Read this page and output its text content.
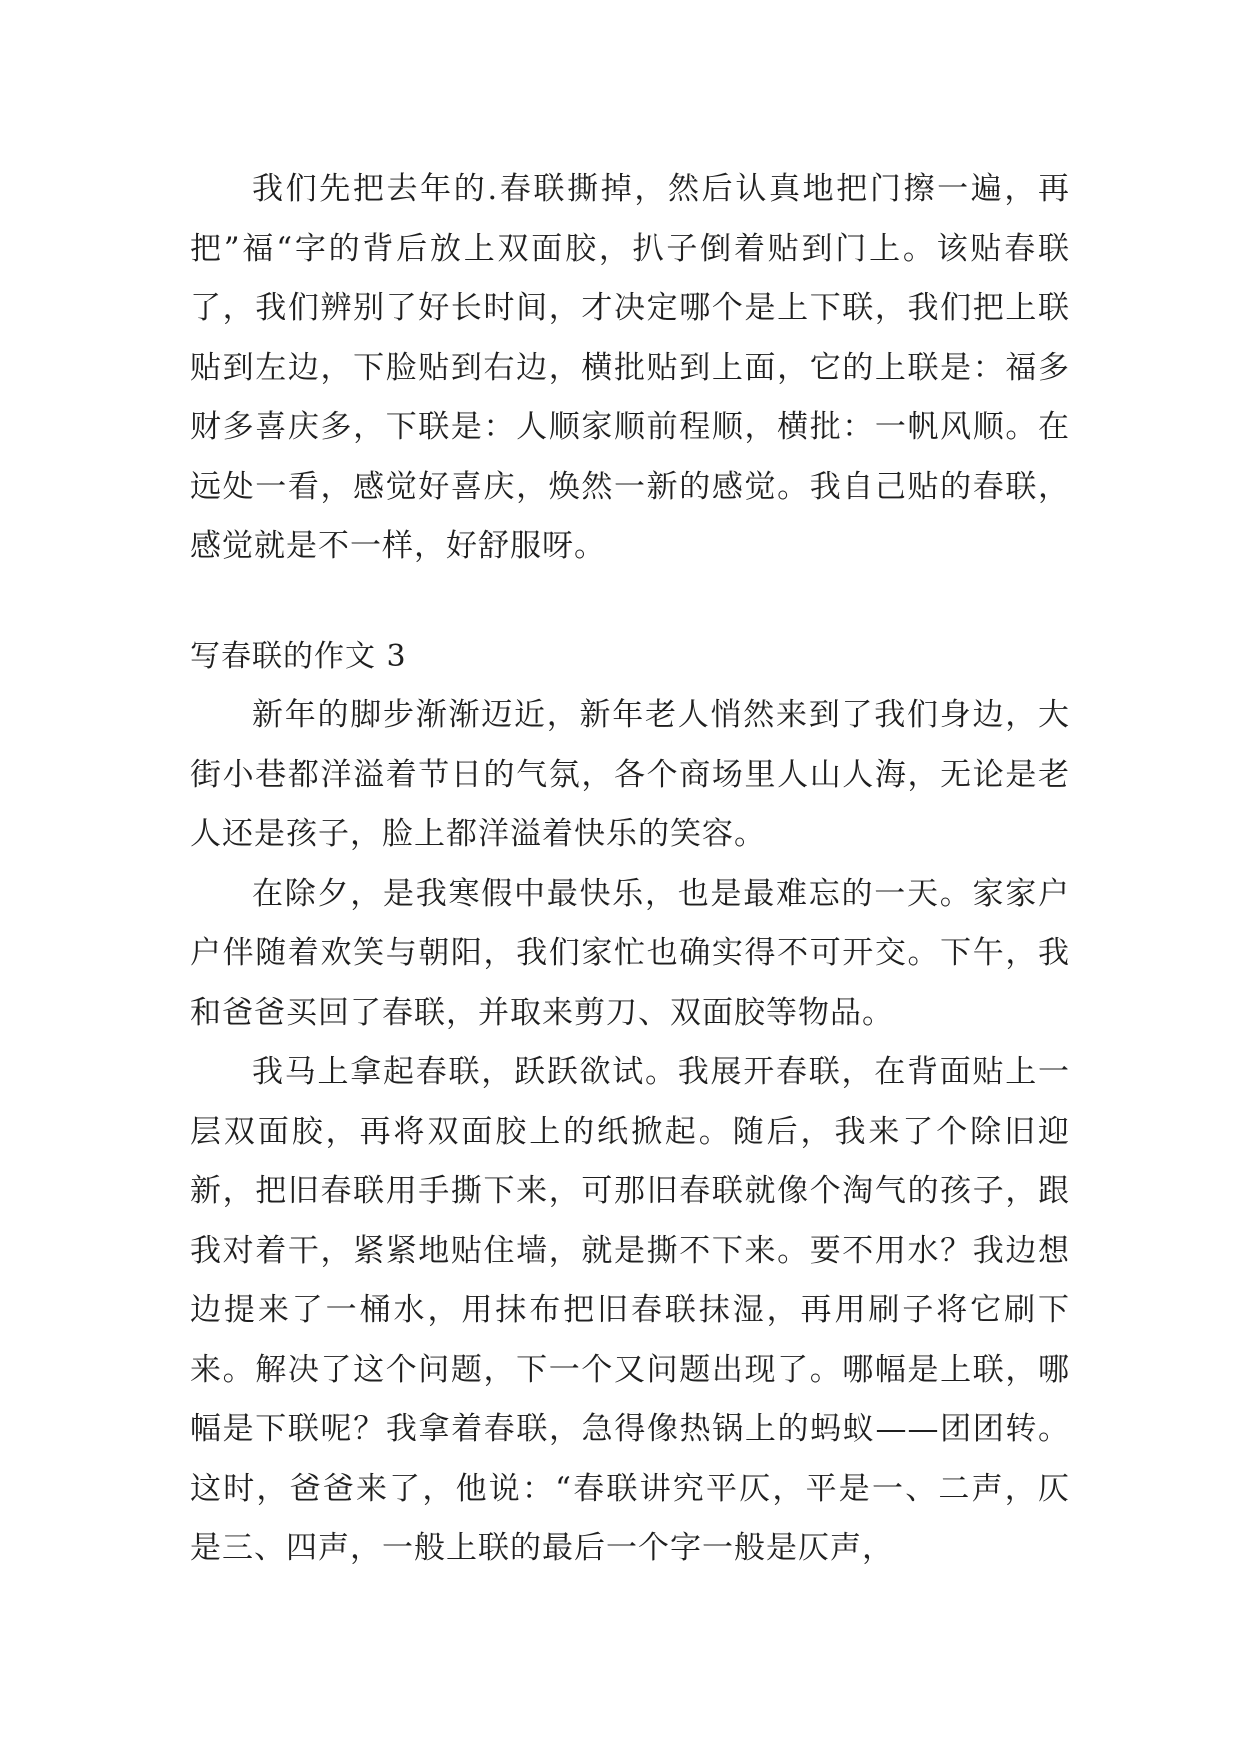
我们先把去年的.春联撕掉，然后认真地把门擦一遍，再把”福“字的背后放上双面胶，扒子倒着贴到门上。该贴春联了，我们辨别了好长时间，才决定哪个是上下联，我们把上联贴到左边，下脸贴到右边，横批贴到上面，它的上联是：福多财多喜庆多，下联是：人顺家顺前程顺，横批：一帆风顺。在远处一看，感觉好喜庆，焕然一新的感觉。我自己贴的春联，感觉就是不一样，好舒服呀。

写春联的作文 3

新年的脚步渐渐迈近，新年老人悄然来到了我们身边，大街小巷都洋溢着节日的气氛，各个商场里人山人海，无论是老人还是孩子，脸上都洋溢着快乐的笑容。

在除夕，是我寒假中最快乐，也是最难忘的一天。家家户户伴随着欢笑与朝阳，我们家忙也确实得不可开交。下午，我和爸爸买回了春联，并取来剪刀、双面胶等物品。

我马上拿起春联，跃跃欲试。我展开春联，在背面贴上一层双面胶，再将双面胶上的纸掀起。随后，我来了个除旧迎新，把旧春联用手撕下来，可那旧春联就像个淘气的孩子，跟我对着干，紧紧地贴住墙，就是撕不下来。要不用水？我边想边提来了一桶水，用抹布把旧春联抹湿，再用刷子将它刷下来。解决了这个问题，下一个又问题出现了。哪幅是上联，哪幅是下联呢？我拿着春联，急得像热锅上的蚂蚁——团团转。这时，爸爸来了，他说：“春联讲究平仄，平是一、二声，仄是三、四声，一般上联的最后一个字一般是仄声，
